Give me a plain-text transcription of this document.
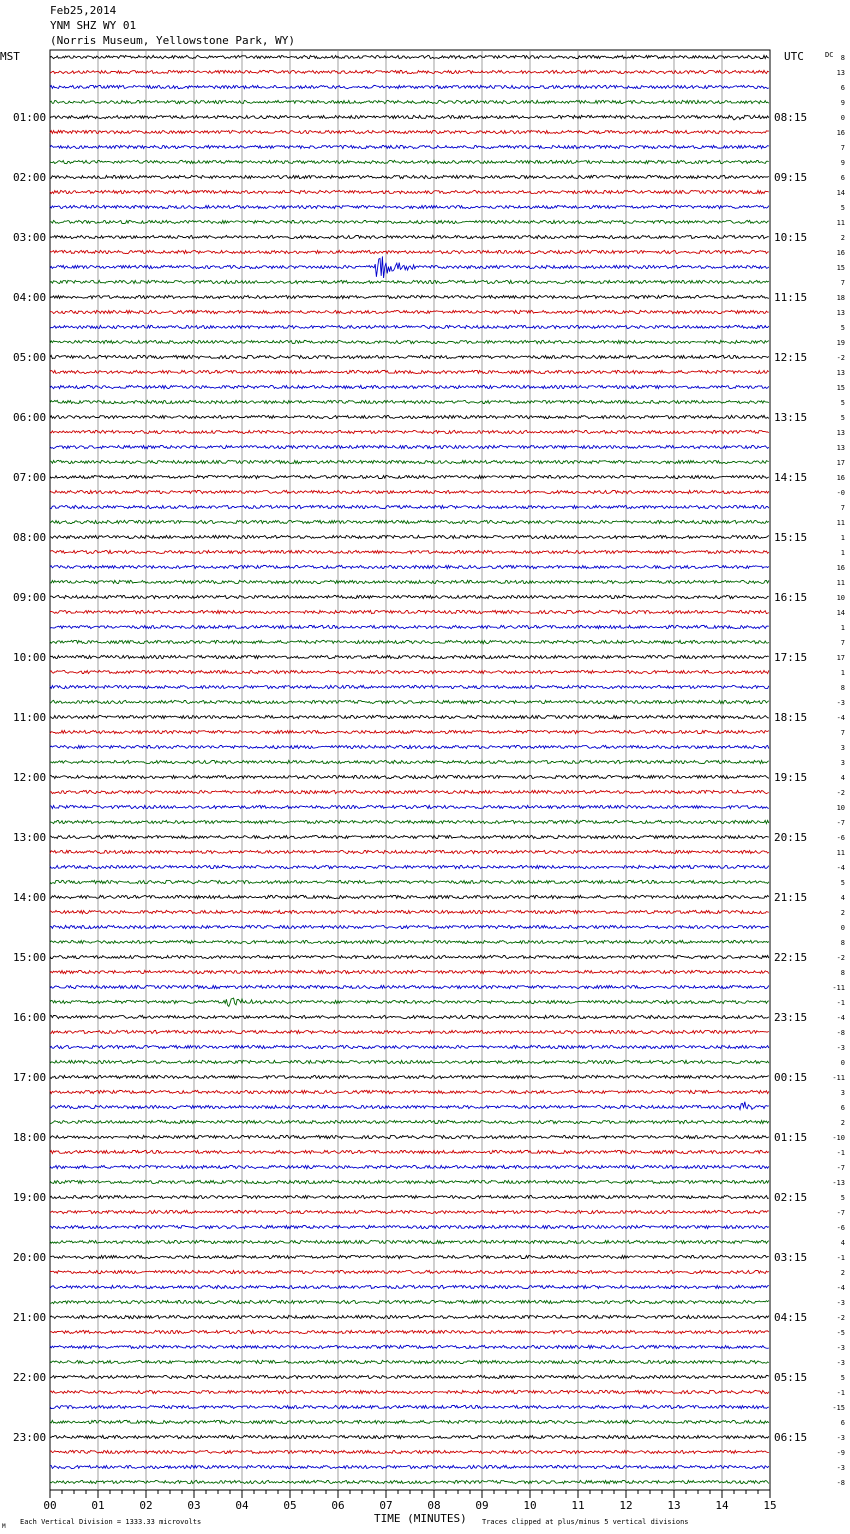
Feb25,2014
YNM SHZ WY 01
(Norris Museum, Yellowstone Park, WY)
00	01	02	03	04	05	06	07	08	09	10	11	12	13	14	15
8
13
6
9
0
16
7
9
6
14
5
11
2
16
15
7
18
13
5
19
-2
13
15
5
5
13
13
17
16
-0
7
11
1
1
16
11
10
14
1
7
17
1
8
-3
-4
7
3
3
4
-2
10
-7
-6
11
-4
5
4
2
0
8
-2
8
-11
-1
-4
-8
-3
0
-11
3
6
2
-10
-1
-7
-13
5
-7
-6
4
-1
2
-4
-3
-2
-5
-3
-3
5
-1
-15
6
-3
-9
-3
-8
01:00
02:00
03:00
04:00
05:00
06:00
07:00
08:00
09:00
10:00
11:00
12:00
13:00
14:00
15:00
16:00
17:00
18:00
19:00
20:00
21:00
22:00
23:00
08:15
09:15
10:15
11:15
12:15
13:15
14:15
15:15
16:15
17:15
18:15
19:15
20:15
21:15
22:15
23:15
00:15
01:15
02:15
03:15
04:15
05:15
06:15
MST	UTC	DC
Each Vertical Division = 1333.33 microvolts	TIME (MINUTES) Traces clipped at plus/minus 5 vertical divisions
M
